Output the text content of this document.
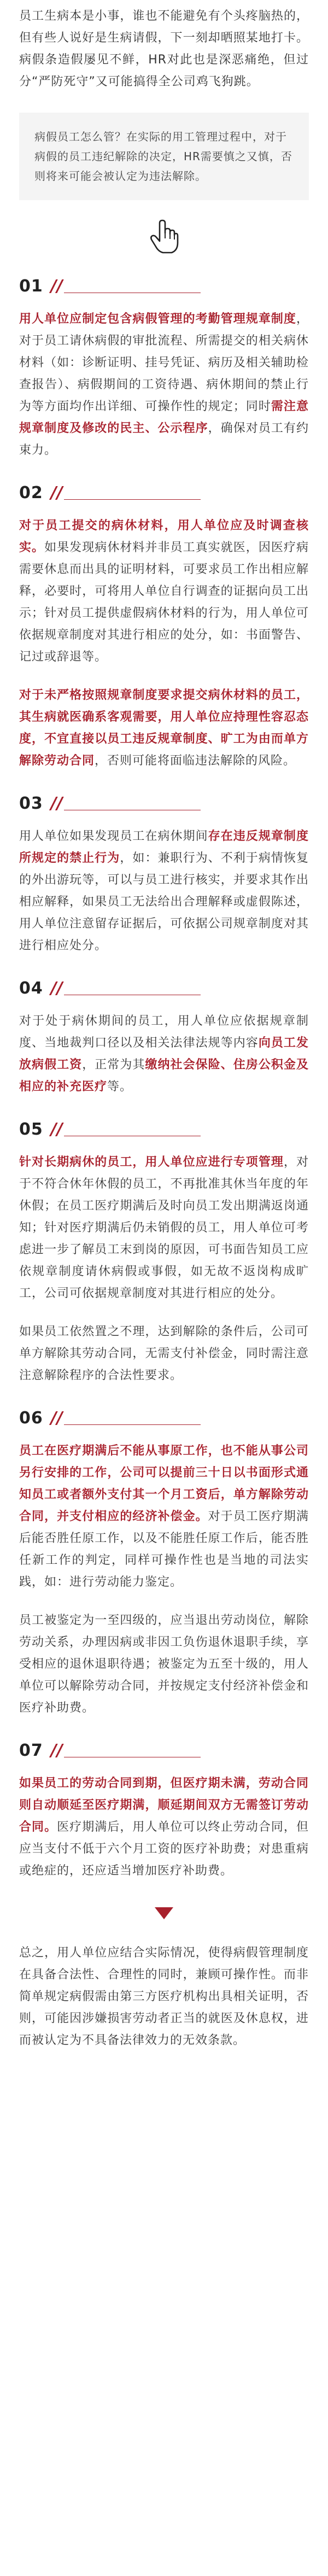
员工生病本是小事，谁也不能避免有个头疼脑热的，但有些人说好是生病请假，下一刻却晒照某地打卡。病假条造假屡见不鲜，HR对此也是深恶痛绝，但过分“严防死守”又可能搞得全公司鸡飞狗跳。

病假员工怎么管？在实际的用工管理过程中，对于病假的员工违纪解除的决定，HR需要慎之又慎，否则将来可能会被认定为违法解除。
01 //

用人单位应制定包含病假管理的考勤管理规章制度，对于员工请休病假的审批流程、所需提交的相关病休材料（如：诊断证明、挂号凭证、病历及相关辅助检查报告）、病假期间的工资待遇、病休期间的禁止行为等方面均作出详细、可操作性的规定；同时需注意规章制度及修改的民主、公示程序，确保对员工有约束力。

02 //

对于员工提交的病休材料，用人单位应及时调查核实。如果发现病休材料并非员工真实就医，因医疗病需要休息而出具的证明材料，可要求员工作出相应解释，必要时，可将用人单位自行调查的证据向员工出示；针对员工提供虚假病休材料的行为，用人单位可依据规章制度对其进行相应的处分，如：书面警告、记过或辞退等。

对于未严格按照规章制度要求提交病休材料的员工，其生病就医确系客观需要，用人单位应持理性容忍态度，不宜直接以员工违反规章制度、旷工为由而单方解除劳动合同，否则可能将面临违法解除的风险。

03 //

用人单位如果发现员工在病休期间存在违反规章制度所规定的禁止行为，如：兼职行为、不利于病情恢复的外出游玩等，可以与员工进行核实，并要求其作出相应解释，如果员工无法给出合理解释或虚假陈述，用人单位注意留存证据后，可依据公司规章制度对其进行相应处分。

04 //

对于处于病休期间的员工，用人单位应依据规章制度、当地裁判口径以及相关法律法规等内容向员工发放病假工资，正常为其缴纳社会保险、住房公积金及相应的补充医疗等。

05 //

针对长期病休的员工，用人单位应进行专项管理，对于不符合休年休假的员工，不再批准其休当年度的年休假；在员工医疗期满后及时向员工发出期满返岗通知；针对医疗期满后仍未销假的员工，用人单位可考虑进一步了解员工末到岗的原因，可书面告知员工应依规章制度请休病假或事假，如无故不返岗构成旷工，公司可依据规章制度对其进行相应的处分。

如果员工依然置之不理，达到解除的条件后，公司可单方解除其劳动合同，无需支付补偿金，同时需注意注意解除程序的合法性要求。

06 //

员工在医疗期满后不能从事原工作，也不能从事公司另行安排的工作，公司可以提前三十日以书面形式通知员工或者额外支付其一个月工资后，单方解除劳动合同，并支付相应的经济补偿金。对于员工医疗期满后能否胜任原工作，以及不能胜任原工作后，能否胜任新工作的判定，同样可操作性也是当地的司法实践，如：进行劳动能力鉴定。

员工被鉴定为一至四级的，应当退出劳动岗位，解除劳动关系，办理因病或非因工负伤退休退职手续，享受相应的退休退职待遇；被鉴定为五至十级的，用人单位可以解除劳动合同，并按规定支付经济补偿金和医疗补助费。

07 //

如果员工的劳动合同到期，但医疗期未满，劳动合同则自动顺延至医疗期满，顺延期间双方无需签订劳动合同。医疗期满后，用人单位可以终止劳动合同，但应当支付不低于六个月工资的医疗补助费；对患重病或绝症的，还应适当增加医疗补助费。

总之，用人单位应结合实际情况，使得病假管理制度在具备合法性、合理性的同时，兼顾可操作性。而非简单规定病假需由第三方医疗机构出具相关证明，否则，可能因涉嫌损害劳动者正当的就医及休息权，进而被认定为不具备法律效力的无效条款。
